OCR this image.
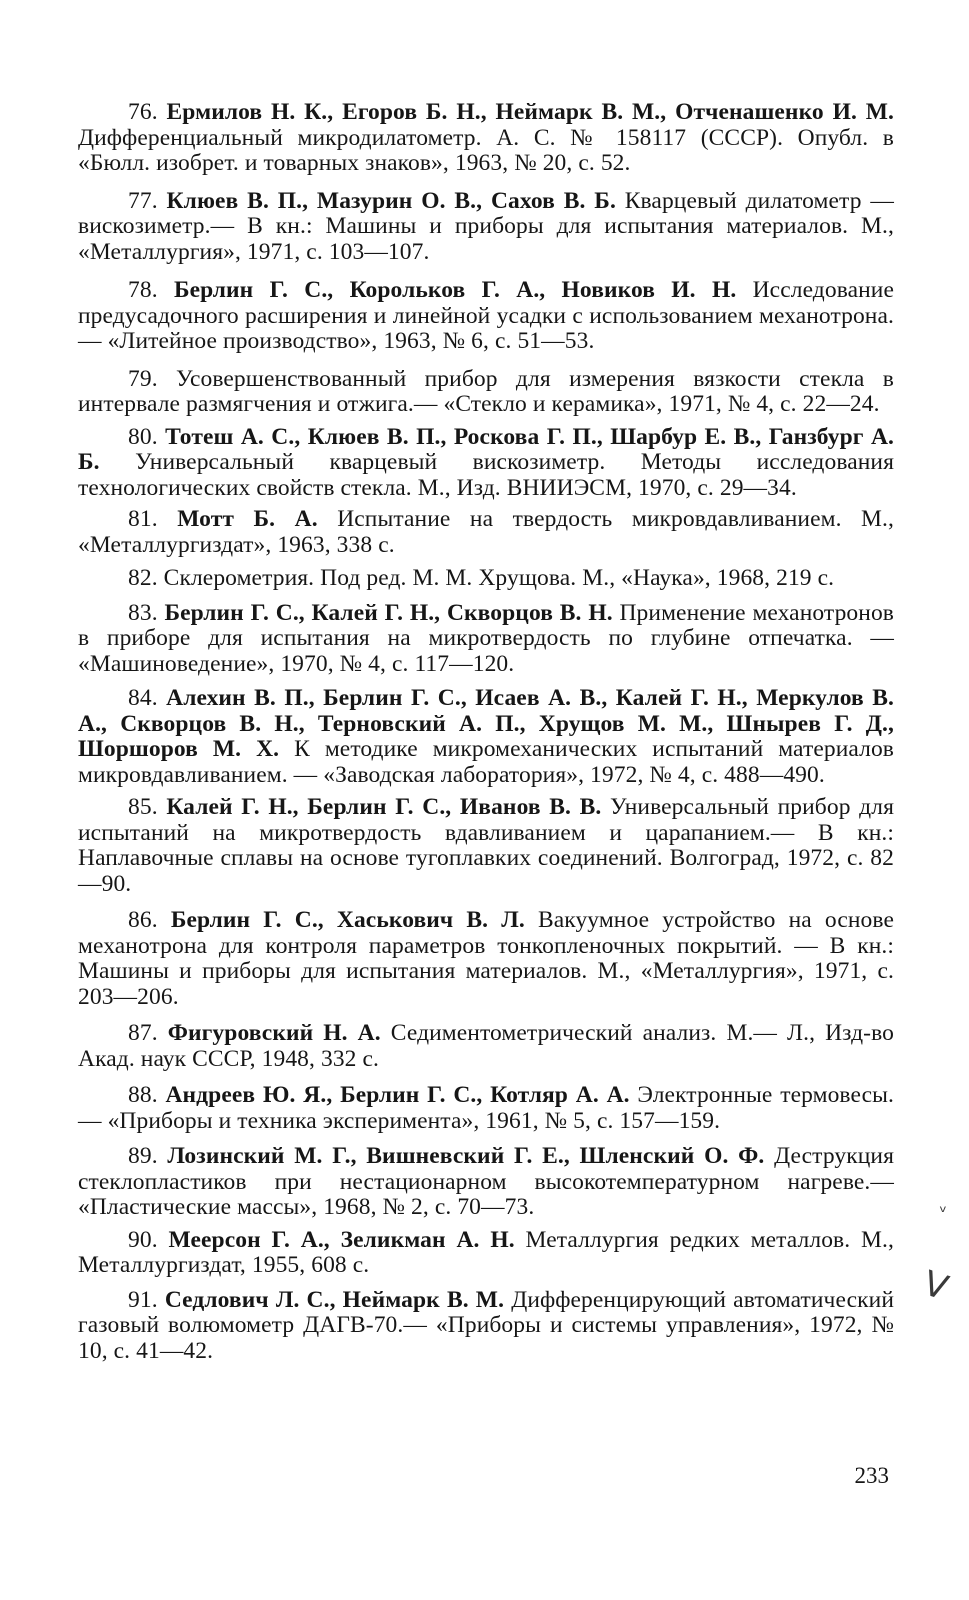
76. Ермилов Н. К., Егоров Б. Н., Неймарк В. М., Отченашенко И. М. Дифференциальный микродилатометр. А. С. № 158117 (СССР). Опубл. в «Бюлл. изобрет. и товарных знаков», 1963, № 20, с. 52.
77. Клюев В. П., Мазурин О. В., Сахов В. Б. Кварцевый дилатометр — вискозиметр.— В кн.: Машины и приборы для испытания материалов. М., «Металлургия», 1971, с. 103—107.
78. Берлин Г. С., Корольков Г. А., Новиков И. Н. Исследование предусадочного расширения и линейной усадки с использованием механотрона.— «Литейное производство», 1963, № 6, с. 51—53.
79. Усовершенствованный прибор для измерения вязкости стекла в интервале размягчения и отжига.— «Стекло и керамика», 1971, № 4, с. 22—24.
80. Тотеш А. С., Клюев В. П., Роскова Г. П., Шарбур Е. В., Ганзбург А. Б. Универсальный кварцевый вискозиметр. Методы исследования технологических свойств стекла. М., Изд. ВНИИЭСМ, 1970, с. 29—34.
81. Мотт Б. А. Испытание на твердость микровдавливанием. М., «Металлургиздат», 1963, 338 с.
82. Склерометрия. Под ред. М. М. Хрущова. М., «Наука», 1968, 219 с.
83. Берлин Г. С., Калей Г. Н., Скворцов В. Н. Применение механотронов в приборе для испытания на микротвердость по глубине отпечатка. — «Машиноведение», 1970, № 4, с. 117—120.
84. Алехин В. П., Берлин Г. С., Исаев А. В., Калей Г. Н., Меркулов В. А., Скворцов В. Н., Терновский А. П., Хрущов М. М., Шнырев Г. Д., Шоршоров М. Х. К методике микромеханических испытаний материалов микровдавливанием. — «Заводская лаборатория», 1972, № 4, с. 488—490.
85. Калей Г. Н., Берлин Г. С., Иванов В. В. Универсальный прибор для испытаний на микротвердость вдавливанием и царапанием.— В кн.: Наплавочные сплавы на основе тугоплавких соединений. Волгоград, 1972, с. 82—90.
86. Берлин Г. С., Хаськович В. Л. Вакуумное устройство на основе механотрона для контроля параметров тонкопленочных покрытий. — В кн.: Машины и приборы для испытания материалов. М., «Металлургия», 1971, с. 203—206.
87. Фигуровский Н. А. Седиментометрический анализ. М.— Л., Изд-во Акад. наук СССР, 1948, 332 с.
88. Андреев Ю. Я., Берлин Г. С., Котляр А. А. Электронные термовесы.— «Приборы и техника эксперимента», 1961, № 5, с. 157—159.
89. Лозинский М. Г., Вишневский Г. Е., Шленский О. Ф. Деструкция стеклопластиков при нестационарном высокотемпературном нагреве.— «Пластические массы», 1968, № 2, с. 70—73.
90. Меерсон Г. А., Зеликман А. Н. Металлургия редких металлов. М., Металлургиздат, 1955, 608 с.
91. Седлович Л. С., Неймарк В. М. Дифференцирующий автоматический газовый волюмометр ДАГВ-70.— «Приборы и системы управления», 1972, № 10, с. 41—42.
ᵥ
V
233
